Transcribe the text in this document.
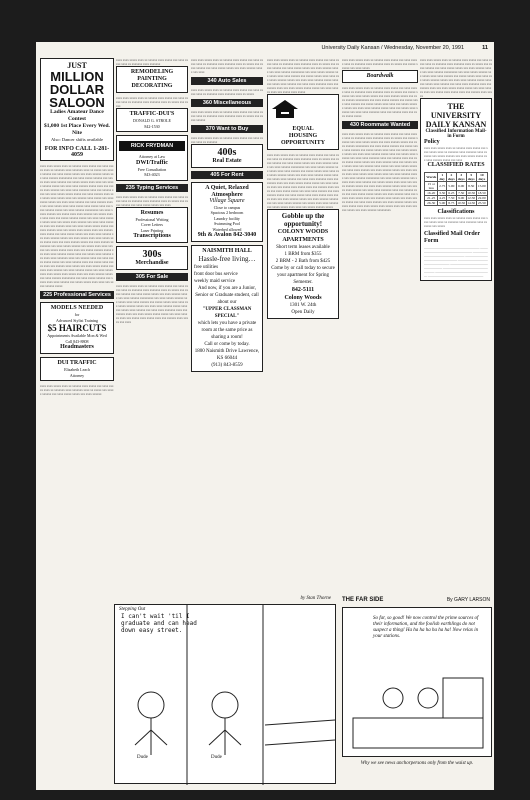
University Daily Kansan / Wednesday, November 20, 1991	11
JUST
MILLION DOLLAR SALOON
Ladies Amateur Dance Contest
$1,000 1st Place Every Wed. Nite
Also: Dancer shifts available
FOR INFO CALL 1-281-4059
xxxx xxxx xxxxx xxxx xx xxxxxx xxxx xxxxx xxx xxxx xxxxx xxxx xx xxxxxxx xxxx xxxxxxx xxxx xx xxxxx xxx xxxxx xxxxxx xxx xxxx xxxxx xxxxx xxx xxxx xxxxxx xxxxx xxx xxxx xxxxxx xxxxxxxxx xxx xxxx xxxxx xxxxxx xxx xxxxx xxxx xxxx xxxxxx xxx xxxxx xxxxx xxxx xxxx xxx xxxxx xxxxxx xxxxx xxx xxxx xxxx xxxxxx xxxxx xxxx xxx xxxxx xxxx xxxxxx xxx xxxx xxxx xxxxxxx xxxx xxx xxxxxx xxxx xxx xxxx xxxxx xxxxx xxxxx xxx xxxx xxxxxx xxxx xxx xxxxx xxxx xxxxx xxxx xxx xxxxxx xxxx xxxxx xxx xxxx xxxxx xxxxx xxx xxxx xxxx xxxxxx xxx xxxx xxxxxx xxxxx xxx xxxx xxxxx xxxx xxxx xxxxx xxxx xxxxx xxxx xxx xxxx xxxxxx xxxxx xxx xxxx xxxxxx xxxxxxxxx xxx xxxx xxxxx xxxxxx xxx xxxxx xxxx xxxx xxxxxx xxx xxxxx xxxxx xxxx xxxx xxx xxxxx xxxxxx xxxxx xxx xxxx xxxx xxxxxx xxxxx xxxx xxx xxxxx xxxx xxxxxx xxx xxxx xxxx xxxxxxx xxxx xxx xxxxxx xxxx xxx xxxx xxxxx xxxxx xxxxx xxx xxxx xxxxxx xxxx xxx xxxxx xxxx xxxxx xxxx xxx xxxxxx xxxx xxxxx xxx xxxx xxxxx xxxxx xxx xxxx xxxx xxxxxx xxx xxxx xxxxxx xxxxx xxx xxxx xxxxx xxxx xxxx xxxxx xxxx xxxxx xxxx xxx xxxx xxxxxx xxxxx xxx xxxx xxxxxx xxxxxxxxx xxx xxxx xxxxx xxxxxx xxx xxxxx xxxx xxxx xxxxxx xxx xxxxx xxxxx xxxx xxxx xxx xxxxx xxxxxx xxxxx xxx xxxx xxxx xxxxxx xxxxx xxxx xxx xxxxx xxxx xxxxxx xxx xxxx xxxx xxxxxxx xxxx xxx xxxxxx xxxx xxx xxxx xxxxx xxxxx xxxxx xxx xxxx xxxxxx xxxx xxx xxxxx xxxx xxxxx xxxx xxx xxxxxx xxxx xxxxx xxx xxxx xxxxx xxxxx xxx xxxx xxxx xxxxxx xxx xxxx xxxxxx xxxxx xxx xxxx xxxxx xxxx xxxx xxxxx xxxx xxxxx xxxx xxx xxxx xxxxxx xxxxx xxx xxxx xxxxxx xxxxxxxxx xxx xxxx xxxxx xxxxxx xxx xxxxx xxxx xxxx xxxxxx xxx xxxxx xxxxx xxxx xxxx xxx xxxxx xxxxxx xxxxx
225 Professional Services
MODELS NEEDED
for
Advanced Stylist Training
$5 HAIRCUTS
Appointments Available Mon & Wed
Call 843-8808
Headmasters
DUI TRAFFIC
Elizabeth Leach
Attorney
xxxx xxxx xxxxx xxxx xx xxxxxx xxxx xxxxx xxx xxxx xxxxx xxxx xx xxxxxxx xxxx xxxxxxx xxxx xx xxxxx xxx xxxxx xxxxxx xxx xxxx xxxxx xxxxx xxx xxxx xxxxxx
xxxx xxxx xxxxx xxxx xx xxxxxx xxxx xxxxx xxx xxxx xxxxx xxxx xx xxxxxxx xxxx xxxxxxx
REMODELING PAINTING DECORATING
xxxx xxxx xxxxx xxxx xx xxxxxx xxxx xxxxx xxx xxxx xxxxx xxxx xx xxxxxxx xxxx xxxxxxx xxxx xx xxxxx xxx xxxxx
TRAFFIC-DUI'S
DONALD G. STROLE
842-1530
RICK FRYDMAN
Attorney at Law
DWI/Traffic
Free Consultation
843-4023
235 Typing Services
xxxx xxxx xxxxx xxxx xx xxxxxx xxxx xxxxx xxx xxxx xxxxx xxxx xx xxxxxxx xxxx xxxxxxx xxxx xx xxxxx xxx xxxxx xxxxxx xxx xxxx xxxxx xxxxx xxx xxxx
Resumes
Professional Writing
Cover Letters
Laser Printing
Transcriptions
300s
Merchandise
305 For Sale
xxxx xxxx xxxxx xxxx xx xxxxxx xxxx xxxxx xxx xxxx xxxxx xxxx xx xxxxxxx xxxx xxxxxxx xxxx xx xxxxx xxx xxxxx xxxxxx xxx xxxx xxxxx xxxxx xxx xxxx xxxxxx xxxxx xxx xxxx xxxxxx xxxxxxxxx xxx xxxx xxxxx xxxxxx xxx xxxxx xxxx xxxx xxxxxx xxx xxxxx xxxxx xxxx xxxx xxx xxxxx xxxxxx xxxxx xxx xxxx xxxx xxxxxx xxxxx xxxx xxx xxxxx xxxx xxxxxx xxx xxxx xxxx xxxxxxx xxxx xxx xxxxxx xxxx xxx xxxx xxxxx xxxxx xxxxx xxx xxxx xxxxxx xxxx xxx xxxxx xxxx xxxxx xxxx xxx xxxxxx xxxx xxxxx xxx xxxx
xxxx xxxx xxxxx xxxx xx xxxxxx xxxx xxxxx xxx xxxx xxxxx xxxx xx xxxxxxx xxxx xxxxxxx xxxx xx xxxxx xxx xxxxx xxxxxx xxx xxxx xxxxx xxxxx xxx xxxx xxxxxx xxxxx xxx xxxx
340 Auto Sales
xxxx xxxx xxxxx xxxx xx xxxxxx xxxx xxxxx xxx xxxx xxxxx xxxx xx xxxxxxx xxxx xxxxxxx xxxx xx xxxxx
360 Miscellaneous
xxxx xxxx xxxxx xxxx xx xxxxxx xxxx xxxxx xxx xxxx xxxxx xxxx xx xxxxxxx xxxx xxxxxxx xxxx xx xxxxx xxx xxxxx xxxxxx
370 Want to Buy
xxxx xxxx xxxxx xxxx xx xxxxxx xxxx xxxxx xxx xxxx xxxxx xxxx xx xxxxxxx
400s
Real Estate
405 For Rent
A Quiet, Relaxed
Atmosphere
Village Square
Close to campus
Spacious 2 bedroom
Laundry facility
Swimming Pool
Waterbed allowed
9th & Avalon 842-3040
NAISMITH HALL
Hassle-free living…
free utilities
front door bus service
weekly maid service
And now, if you are a Junior, Senior or Graduate student, call about our
"UPPER CLASSMAN SPECIAL"
which lets you have a private room at the same price as sharing a room!
Call or come by today.
1800 Naismith Drive Lawrence, KS 66044
(913) 843-8559
xxxx xxxx xxxxx xxxx xx xxxxxx xxxx xxxxx xxx xxxx xxxxx xxxx xx xxxxxxx xxxx xxxxxxx xxxx xx xxxxx xxx xxxxx xxxxxx xxx xxxx xxxxx xxxxx xxx xxxx xxxxxx xxxxx xxx xxxx xxxxxx xxxxxxxxx xxx xxxx xxxxx xxxxxx xxx xxxxx xxxx xxxx xxxxxx xxx xxxxx xxxxx xxxx xxxx xxx xxxxx xxxxxx xxxxx xxx xxxx xxxx xxxxxx xxxxx xxxx xxx xxxxx xxxx xxxxxx xxx xxxx xxxx xxxxxxx xxxx xxx xxxxxx xxxx xxx xxxx xxxxx xxxxx xxxxx xxx xxxx xxxxxx xxxx xxx xxxxx xxxx xxxxx
EQUAL
HOUSING
OPPORTUNITY
xxxx xxxx xxxxx xxxx xx xxxxxx xxxx xxxxx xxx xxxx xxxxx xxxx xx xxxxxxx xxxx xxxxxxx xxxx xx xxxxx xxx xxxxx xxxxxx xxx xxxx xxxxx xxxxx xxx xxxx xxxxxx xxxxx xxx xxxx xxxxxx xxxxxxxxx xxx xxxx xxxxx xxxxxx xxx xxxxx xxxx xxxx xxxxxx xxx xxxxx xxxxx xxxx xxxx xxx xxxxx xxxxxx xxxxx xxx xxxx xxxx xxxxxx xxxxx xxxx xxx xxxxx xxxx xxxxxx xxx xxxx xxxx xxxxxxx xxxx xxx xxxxxx xxxx xxx xxxx xxxxx xxxxx xxxxx xxx xxxx xxxxxx xxxx xxx xxxxx xxxx xxxxx xxxx xxx xxxxxx xxxx xxxxx xxx xxxx xxxxx xxxxx xxx xxxx xxxx xxxxxx xxx xxxx xxxxxx xxxxx xxx xxxx xxxxx xxxx xxxx xxxxx xxxx xxxxx xxxx xxx xxxx xxxxxx xxxxx xxx xxxx xxxxxx xxxxxxxxx xxx xxxx xxxxx xxxxxx xxx xxxxx xxxx xxxx xxxxxx xxx xxxxx xxxxx xxxx xxxx xxx xxxxx xxxxxx xxxxx
Gobble up the opportunity!
COLONY WOODS APARTMENTS
Short term leases available
1 BRM from $355
2 BRM - 2 Bath from $425
Come by or call today to secure your apartment for Spring Semester.
842-5111
Colony Woods
1301 W. 24th
Open Daily
xxxx xxxx xxxxx xxxx xx xxxxxx xxxx xxxxx xxx xxxx xxxxx xxxx xx xxxxxxx xxxx xxxxxxx xxxx xx xxxxx xxx xxxxx xxxxxx xxx xxxx xxxxx
Boardwalk
xxxx xxxx xxxxx xxxx xx xxxxxx xxxx xxxxx xxx xxxx xxxxx xxxx xx xxxxxxx xxxx xxxxxxx xxxx xx xxxxx xxx xxxxx xxxxxx xxx xxxx xxxxx xxxxx xxx xxxx xxxxxx xxxxx xxx xxxx xxxxxx xxxxxxxxx xxx xxxx xxxxx xxxxxx xxx xxxxx xxxx xxxx xxxxxx xxx xxxxx xxxxx xxxx xxxx xxx xxxxx xxxxxx xxxxx xxx xxxx xxxx xxxxxx xxxxx xxxx xxx xxxxx xxxx xxxxxx xxx xxxx xxxx xxxxxxx xxxx xxx xxxxxx xxxx xxx xxxx xxxxx xxxxx
430 Roommate Wanted
xxxx xxxx xxxxx xxxx xx xxxxxx xxxx xxxxx xxx xxxx xxxxx xxxx xx xxxxxxx xxxx xxxxxxx xxxx xx xxxxx xxx xxxxx xxxxxx xxx xxxx xxxxx xxxxx xxx xxxx xxxxxx xxxxx xxx xxxx xxxxxx xxxxxxxxx xxx xxxx xxxxx xxxxxx xxx xxxxx xxxx xxxx xxxxxx xxx xxxxx xxxxx xxxx xxxx xxx xxxxx xxxxxx xxxxx xxx xxxx xxxx xxxxxx xxxxx xxxx xxx xxxxx xxxx xxxxxx xxx xxxx xxxx xxxxxxx xxxx xxx xxxxxx xxxx xxx xxxx xxxxx xxxxx xxxxx xxx xxxx xxxxxx xxxx xxx xxxxx xxxx xxxxx xxxx xxx xxxxxx xxxx xxxxx xxx xxxx xxxxx xxxxx xxx xxxx xxxx xxxxxx xxx xxxx xxxxxx xxxxx xxx xxxx xxxxx xxxx xxxx xxxxx xxxx xxxxx xxxx xxx xxxx xxxxxx xxxxx xxx xxxx xxxxxx xxxxxxxxx xxx xxxx xxxxx xxxxxx xxx xxxxx xxxx xxxx xxxxxx xxx xxxxx xxxxx xxxx xxxx xxx xxxxx xxxxxx xxxxx xxx xxxx xxxx xxxxxx xxxxx xxxx xxx xxxxx xxxx xxxxxx xxx xxxx xxxx xxxxxxx xxxx xxx xxxxxx xxxx xxx xxxx xxxxx xxxxx xxxxx xxx xxxx xxxxxx xxxx xxx xxxxx xxxx xxxxx xxxx xxx xxxxxx xxxx xxxxx xxx xxxx xxxxx xxxxx xxx xxxx xxxx xxxxxx xxx xxxx xxxxxx xxxxx xxx xxxx xxxxx xxxx xxxx xxxxx xxxx xxxxx xxxx xxx xxxx xxxxxx xxxxx xxx xxxx xxxxxx xxxxxxxxx
xxxx xxxx xxxxx xxxx xx xxxxxx xxxx xxxxx xxx xxxx xxxxx xxxx xx xxxxxxx xxxx xxxxxxx xxxx xx xxxxx xxx xxxxx xxxxxx xxx xxxx xxxxx xxxxx xxx xxxx xxxxxx xxxxx xxx xxxx xxxxxx xxxxxxxxx xxx xxxx xxxxx xxxxxx xxx xxxxx xxxx xxxx xxxxxx xxx xxxxx xxxxx xxxx xxxx xxx xxxxx xxxxxx xxxxx xxx xxxx xxxx xxxxxx xxxxx xxxx xxx xxxxx xxxx xxxxxx xxx xxxx xxxx xxxxxxx xxxx xxx xxxxxx xxxx xxx xxxx xxxxx xxxxx xxxxx xxx xxxx xxxxxx xxxx xxx xxxxx xxxx xxxxx xxxx xxx xxxxxx xxxx xxxxx
THE UNIVERSITY DAILY KANSAN
Classified Information Mail-in Form
Policy
xxxx xxxx xxxxx xxxx xx xxxxxx xxxx xxxxx xxx xxxx xxxxx xxxx xx xxxxxxx xxxx xxxxxxx xxxx xx xxxxx xxx xxxxx xxxxxx xxx xxxx xxxxx xxxxx xxx xxxx xxxxxx xxxxx xxx xxxx
CLASSIFIED RATES
Words	1 day	2 days	3 days	5 days	10 days
15 or less	2.75	5.00	6.00	8.50	15.00
16-20	3.50	6.25	7.50	10.50	18.50
21-25	4.25	7.50	9.00	12.50	22.00
26-30	5.00	8.75	10.50	14.50	25.50
Classifications
xxxx xxxx xxxxx xxxx xx xxxxxx xxxx xxxxx xxx xxxx xxxxx xxxx xx xxxxxxx xxxx xxxxxxx xxxx xx xxxxx xxx xxxxx
Classified Mail Order Form
_____________________________________ _____________________________________ _____________________________________ _____________________________________ _____________________________________ _____________________________________ _____________________________________ _____________________________________ _____________________________________
by Stan Thorne
Stepping Out
I can't wait 'til I
graduate and can head
down easy street.
Dude	Dude
THE FAR SIDE	By GARY LARSON
So far, so good! We now control the prime sources of their information, and the foolish earthlings do not suspect a thing! Ha ha ha ha ha ha ha! Now relax in your stations.
Why we see news anchorpersons only from the waist up.
